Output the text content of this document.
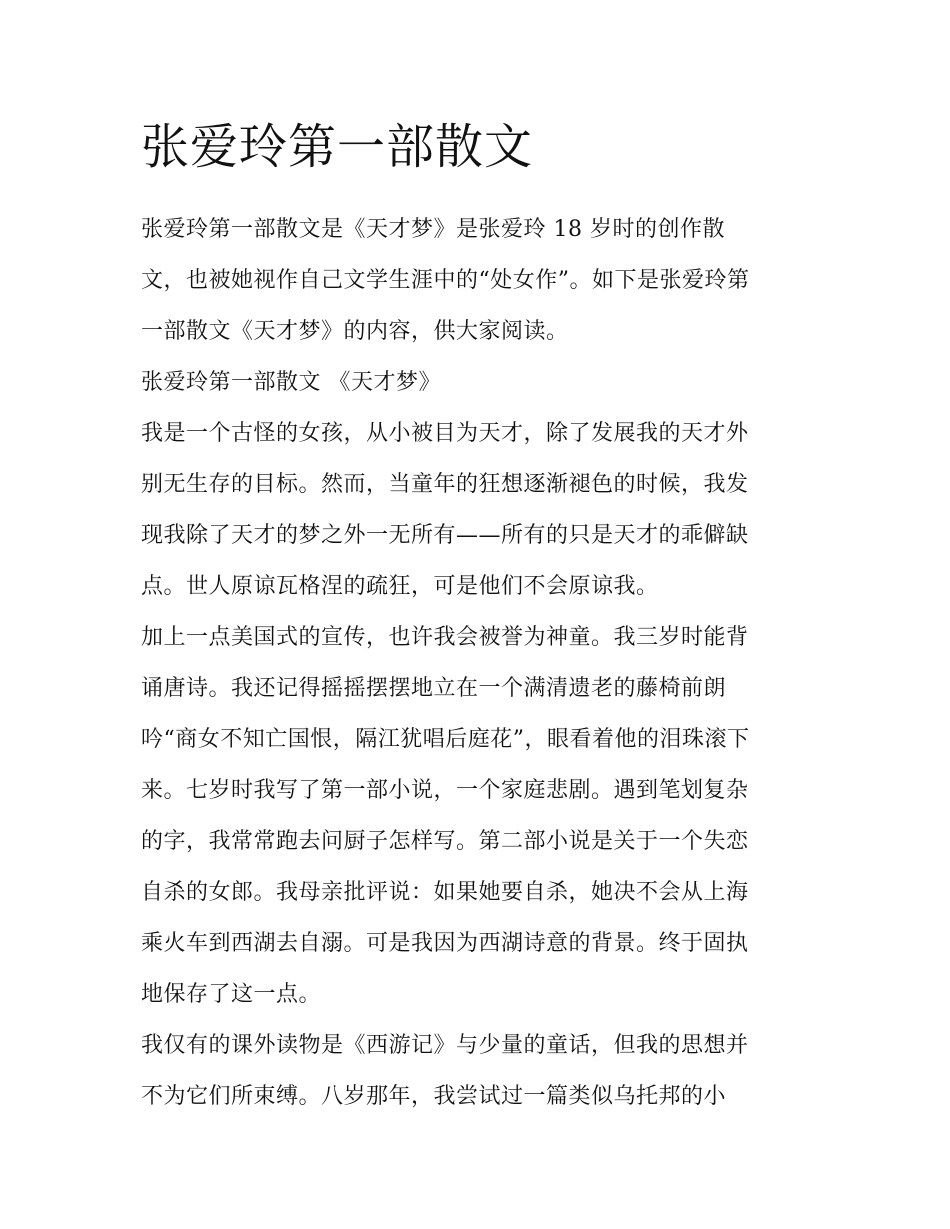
张爱玲第一部散文

张爱玲第一部散文是《天才梦》是张爱玲 18 岁时的创作散
文，也被她视作自己文学生涯中的“处女作”。如下是张爱玲第
一部散文《天才梦》的内容，供大家阅读。

张爱玲第一部散文 《天才梦》

我是一个古怪的女孩，从小被目为天才，除了发展我的天才外
别无生存的目标。然而，当童年的狂想逐渐褪色的时候，我发
现我除了天才的梦之外一无所有——所有的只是天才的乖僻缺
点。世人原谅瓦格涅的疏狂，可是他们不会原谅我。

加上一点美国式的宣传，也许我会被誉为神童。我三岁时能背
诵唐诗。我还记得摇摇摆摆地立在一个满清遗老的藤椅前朗
吟“商女不知亡国恨，隔江犹唱后庭花”，眼看着他的泪珠滚下
来。七岁时我写了第一部小说，一个家庭悲剧。遇到笔划复杂
的字，我常常跑去问厨子怎样写。第二部小说是关于一个失恋
自杀的女郎。我母亲批评说：如果她要自杀，她决不会从上海
乘火车到西湖去自溺。可是我因为西湖诗意的背景。终于固执
地保存了这一点。

我仅有的课外读物是《西游记》与少量的童话，但我的思想并
不为它们所束缚。八岁那年，我尝试过一篇类似乌托邦的小
